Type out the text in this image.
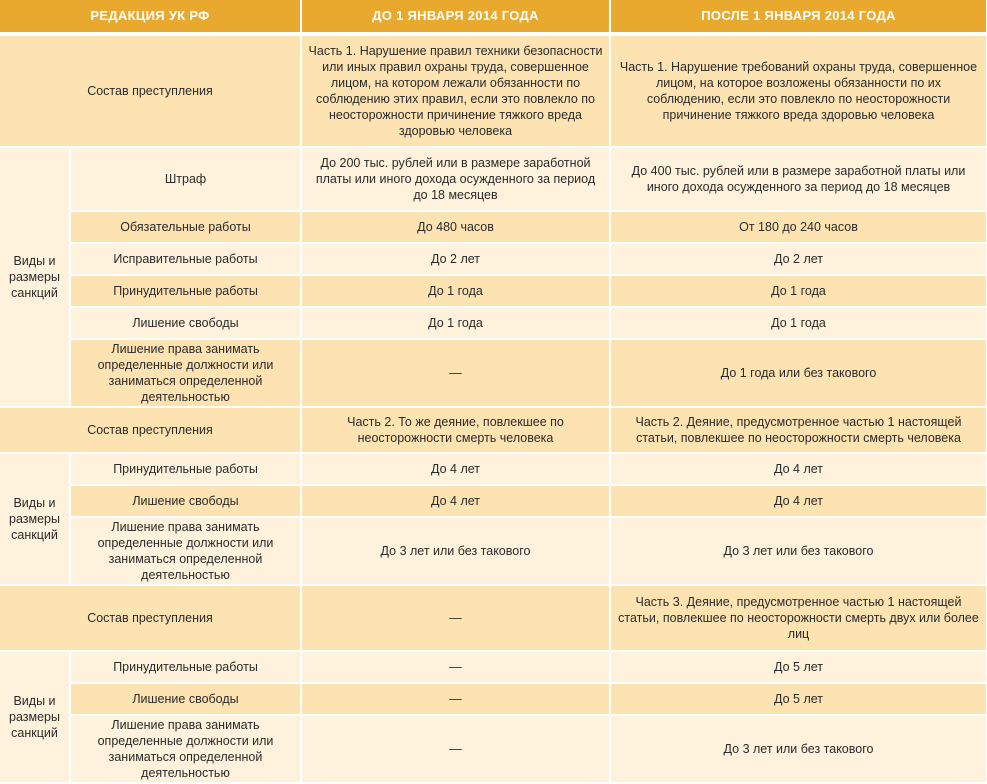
РЕДАКЦИЯ УК РФ		ДО 1 ЯНВАРЯ 2014 ГОДА	ПОСЛЕ 1 ЯНВАРЯ 2014 ГОДА
Состав преступления		Часть 1. Нарушение правил техники безопасности или иных правил охраны труда, совершенное лицом, на котором лежали обязанности по соблюдению этих правил, если это повлекло по неосторожности причинение тяжкого вреда здоровью человека	Часть 1. Нарушение требований охраны труда, совершенное лицом, на которое возложены обязанности по их соблюдению, если это повлекло по неосторожности причинение тяжкого вреда здоровью человека
Виды и размеры санкций	Штраф	До 200 тыс. рублей или в размере заработной платы или иного дохода осужденного за период до 18 месяцев	До 400 тыс. рублей или в размере заработной платы или иного дохода осужденного за период до 18 месяцев
	Обязательные работы	До 480 часов	От 180 до 240 часов
	Исправительные работы	До 2 лет	До 2 лет
	Принудительные работы	До 1 года	До 1 года
	Лишение свободы	До 1 года	До 1 года
	Лишение права занимать определенные должности или заниматься определенной деятельностью	—	До 1 года или без такового
Состав преступления		Часть 2. То же деяние, повлекшее по неосторожности смерть человека	Часть 2. Деяние, предусмотренное частью 1 настоящей статьи, повлекшее по неосторожности смерть человека
Виды и размеры санкций	Принудительные работы	До 4 лет	До 4 лет
	Лишение свободы	До 4 лет	До 4 лет
	Лишение права занимать определенные должности или заниматься определенной деятельностью	До 3 лет или без такового	До 3 лет или без такового
Состав преступления		—	Часть 3. Деяние, предусмотренное частью 1 настоящей статьи, повлекшее по неосторожности смерть двух или более лиц
Виды и размеры санкций	Принудительные работы	—	До 5 лет
	Лишение свободы	—	До 5 лет
	Лишение права занимать определенные должности или заниматься определенной деятельностью	—	До 3 лет или без такового
